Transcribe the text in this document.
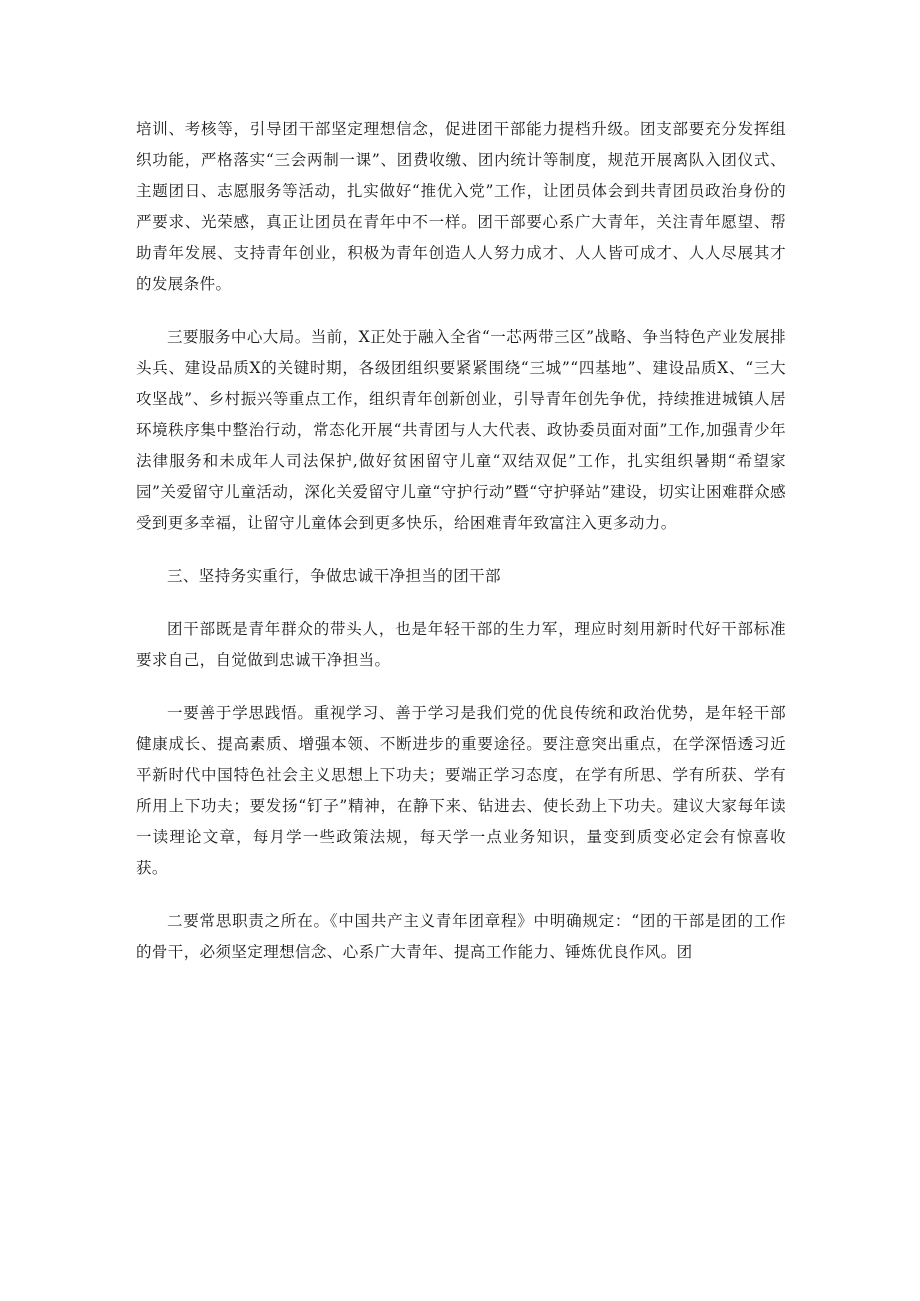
培训、考核等，引导团干部坚定理想信念，促进团干部能力提档升级。团支部要充分发挥组织功能，严格落实“三会两制一课”、团费收缴、团内统计等制度，规范开展离队入团仪式、主题团日、志愿服务等活动，扎实做好“推优入党”工作，让团员体会到共青团员政治身份的严要求、光荣感，真正让团员在青年中不一样。团干部要心系广大青年，关注青年愿望、帮助青年发展、支持青年创业，积极为青年创造人人努力成才、人人皆可成才、人人尽展其才的发展条件。

三要服务中心大局。当前，X正处于融入全省“一芯两带三区”战略、争当特色产业发展排头兵、建设品质X的关键时期，各级团组织要紧紧围绕“三城”“四基地”、建设品质X、“三大攻坚战”、乡村振兴等重点工作，组织青年创新创业，引导青年创先争优，持续推进城镇人居环境秩序集中整治行动，常态化开展“共青团与人大代表、政协委员面对面”工作,加强青少年法律服务和未成年人司法保护,做好贫困留守儿童“双结双促”工作，扎实组织暑期“希望家园”关爱留守儿童活动，深化关爱留守儿童“守护行动”暨“守护驿站”建设，切实让困难群众感受到更多幸福，让留守儿童体会到更多快乐，给困难青年致富注入更多动力。

三、坚持务实重行，争做忠诚干净担当的团干部

团干部既是青年群众的带头人，也是年轻干部的生力军，理应时刻用新时代好干部标准要求自己，自觉做到忠诚干净担当。

一要善于学思践悟。重视学习、善于学习是我们党的优良传统和政治优势，是年轻干部健康成长、提高素质、增强本领、不断进步的重要途径。要注意突出重点，在学深悟透习近平新时代中国特色社会主义思想上下功夫；要端正学习态度，在学有所思、学有所获、学有所用上下功夫；要发扬“钉子”精神，在静下来、钻进去、使长劲上下功夫。建议大家每年读一读理论文章，每月学一些政策法规，每天学一点业务知识，量变到质变必定会有惊喜收获。

二要常思职责之所在。《中国共产主义青年团章程》中明确规定：“团的干部是团的工作的骨干，必须坚定理想信念、心系广大青年、提高工作能力、锤炼优良作风。团
